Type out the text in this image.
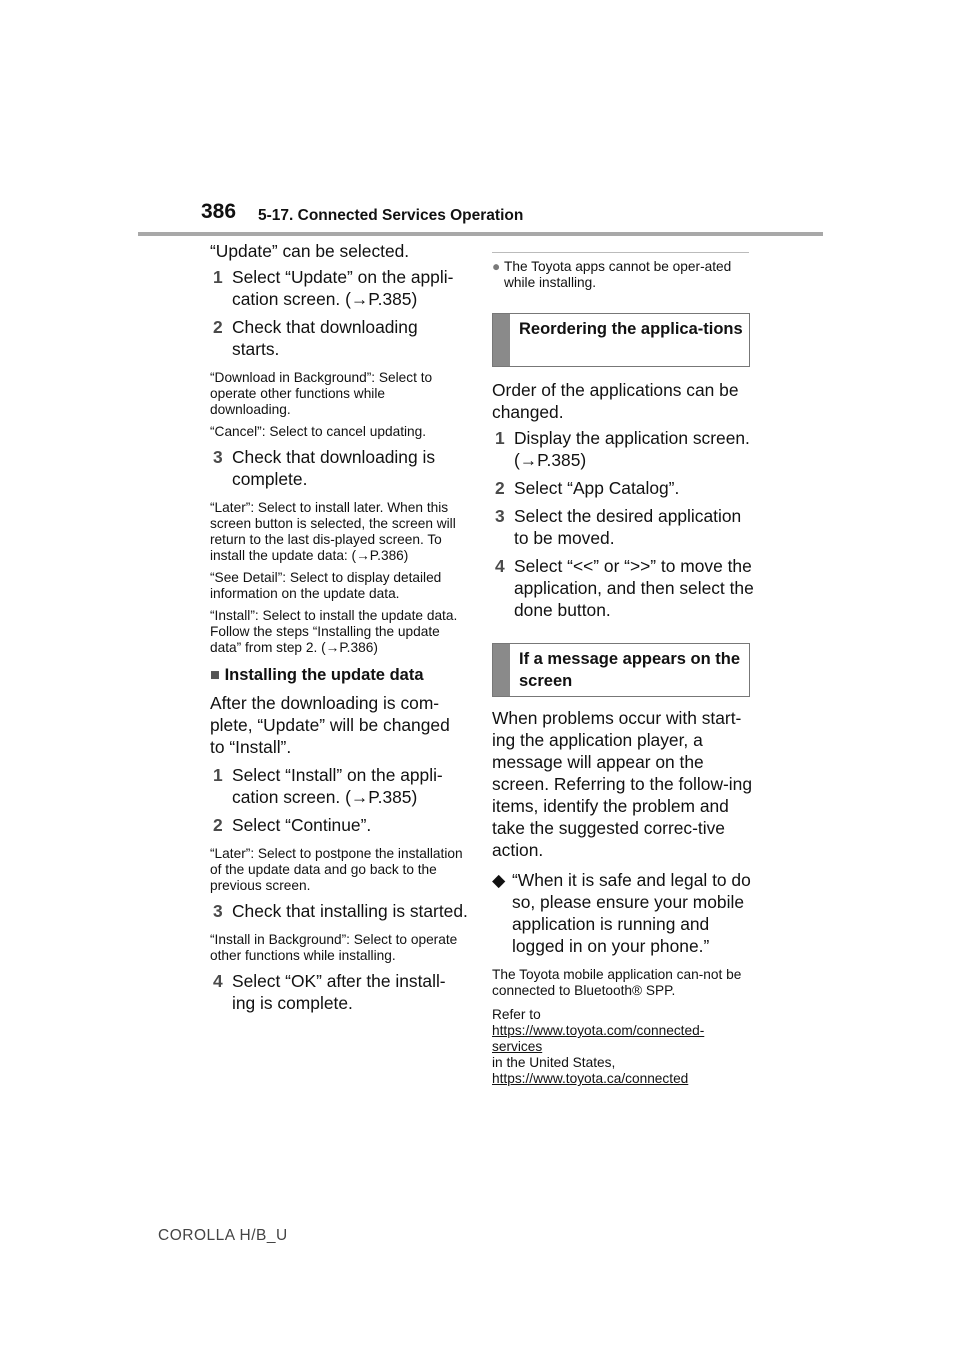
386 5-17. Connected Services Operation

“Update” can be selected.

1 Select “Update” on the appli-cation screen. (→P.385)
2 Check that downloading starts.

“Download in Background”: Select to operate other functions while downloading.

“Cancel”: Select to cancel updating.

3 Check that downloading is complete.

“Later”: Select to install later. When this screen button is selected, the screen will return to the last dis-played screen. To install the update data: (→P.386)

“See Detail”: Select to display detailed information on the update data.

“Install”: Select to install the update data. Follow the steps “Installing the update data” from step 2. (→P.386)

■ Installing the update data

After the downloading is com-plete, “Update” will be changed to “Install”.

1 Select “Install” on the appli-cation screen. (→P.385)
2 Select “Continue”.

“Later”: Select to postpone the installation of the update data and go back to the previous screen.

3 Check that installing is started.

“Install in Background”: Select to operate other functions while installing.

4 Select “OK” after the install-ing is complete.
● The Toyota apps cannot be oper-ated while installing.
Reordering the applica-tions

Order of the applications can be changed.

1 Display the application screen. (→P.385)
2 Select “App Catalog”.
3 Select the desired application to be moved.
4 Select “<<” or “>>” to move the application, and then select the done button.
If a message appears on the screen

When problems occur with start-ing the application player, a message will appear on the screen. Referring to the follow-ing items, identify the problem and take the suggested correc-tive action.

◆ “When it is safe and legal to do so, please ensure your mobile application is running and logged in on your phone.”

The Toyota mobile application can-not be connected to Bluetooth® SPP.

Refer to

https://www.toyota.com/connected-services

in the United States,

https://www.toyota.ca/connected

COROLLA H/B_U
